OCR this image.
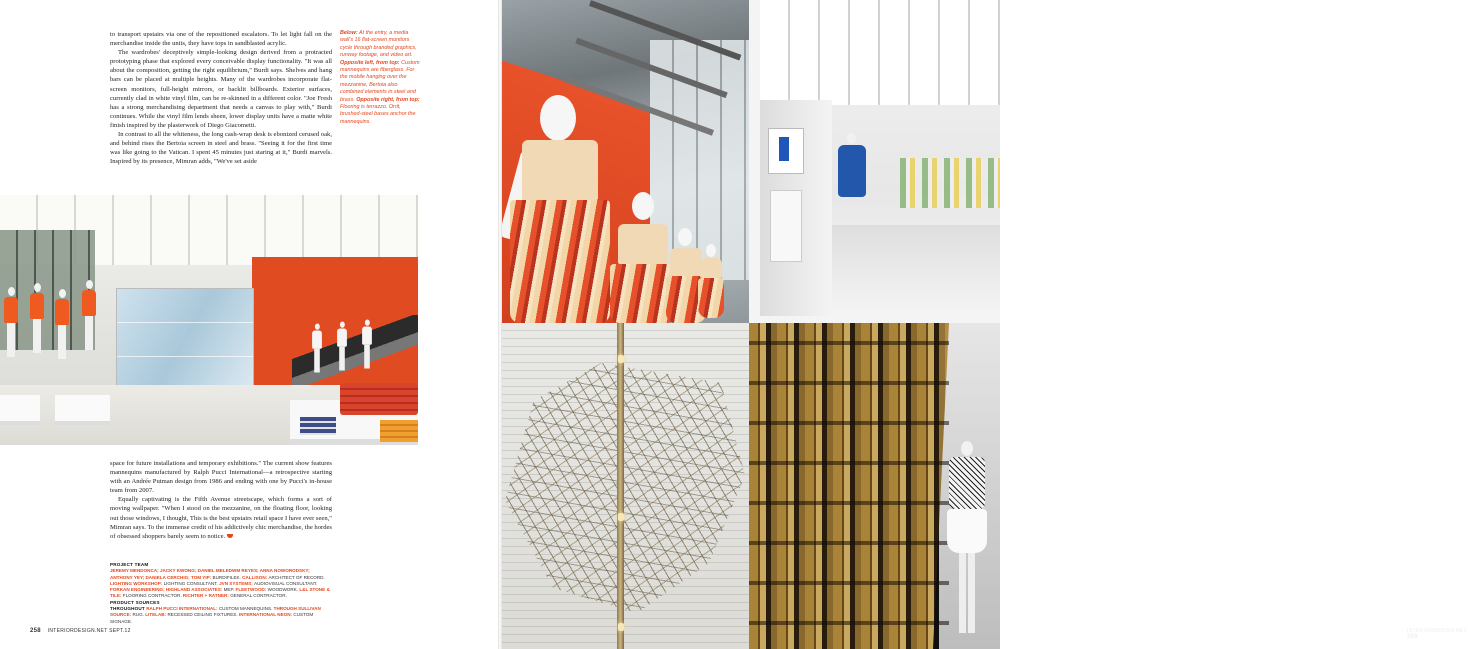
to transport upstairs via one of the repositioned escalators. To let light fall on the merchandise inside the units, they have tops in sandblasted acrylic.

The wardrobes' deceptively simple-looking design derived from a protracted prototyping phase that explored every conceivable display functionality. "It was all about the composition, getting the right equilibrium," Burdi says. Shelves and hang bars can be placed at multiple heights. Many of the wardrobes incorporate flat-screen monitors, full-height mirrors, or backlit billboards. Exterior surfaces, currently clad in white vinyl film, can be re-skinned in a different color. "Joe Fresh has a strong merchandising department that needs a canvas to play with," Burdi continues. While the vinyl film lends sheen, lower display units have a matte white finish inspired by the plasterwork of Diego Giacometti.

In contrast to all the whiteness, the long cash-wrap desk is ebonized cerused oak, and behind rises the Bertoia screen in steel and brass. "Seeing it for the first time was like going to the Vatican. I spent 45 minutes just staring at it," Burdi marvels. Inspired by its presence, Mimran adds, "We've set aside

Below: At the entry, a media wall's 16 flat-screen monitors cycle through branded graphics, runway footage, and video art. Opposite left, from top: Custom mannequins are fiberglass. For the mobile hanging over the mezzanine, Bertoia also combined elements in steel and brass. Opposite right, from top: Flooring is terrazzo. Orrit, brushed-steel bases anchor the mannequins.

space for future installations and temporary exhibitions." The current show features mannequins manufactured by Ralph Pucci International—a retrospective starting with an Andrée Putman design from 1986 and ending with one by Pucci's in-house team from 2007.

Equally captivating is the Fifth Avenue streetscape, which forms a sort of moving wallpaper. "When I stood on the mezzanine, on the floating floor, looking out those windows, I thought, This is the best upstairs retail space I have ever seen," Mimran says. To the immense credit of his addictively chic merchandise, the hordes of obsessed shoppers barely seem to notice.

PROJECT TEAM
JEREMY MENDONCA; JACKY KWONG; DANIEL MELEDWM REYES; ANNA NOWORODSKY; ANTHONY YEY; DANIELA CERCHIG; TOM YIP: BURDIFILEK. CALLISON: ARCHITECT OF RECORD. LIGHTING WORKSHOP: LIGHTING CONSULTANT. JVN SYSTEMS: AUDIOVISUAL CONSULTANT. FORKAN ENGINEERING; HIGHLAND ASSOCIATES: MEP. FLEETWOOD: WOODWORK. L&L STONE & TILE: FLOORING CONTRACTOR. RICHTER + RATNER: GENERAL CONTRACTOR.
PRODUCT SOURCES
THROUGHOUT RALPH PUCCI INTERNATIONAL: CUSTOM MANNEQUINS. THROUGH SULLIVAN SOURCE: RUG. LITELAB: RECESSED CEILING FIXTURES. INTERNATIONAL NEON: CUSTOM SIGNAGE.
258 INTERIORDESIGN.NET SEPT.12	INTERIORDESIGN.NET   259
